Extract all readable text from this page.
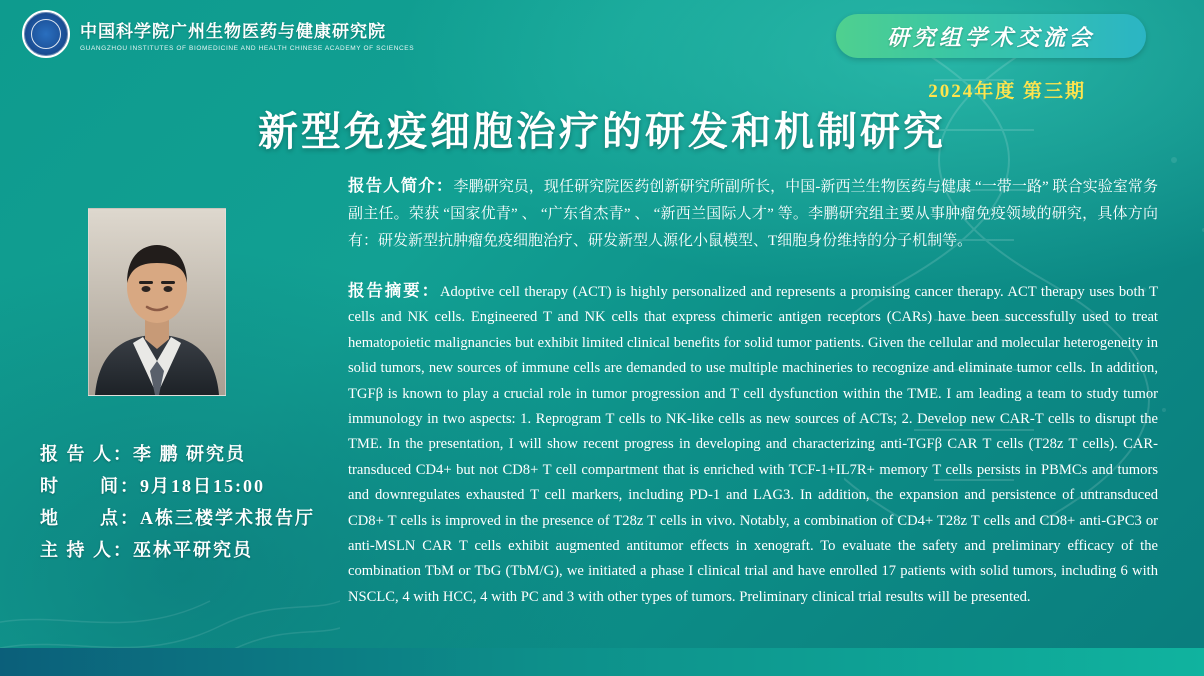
中国科学院广州生物医药与健康研究院
GUANGZHOU INSTITUTES OF BIOMEDICINE AND HEALTH CHINESE ACADEMY OF SCIENCES	研究组学术交流会
2024年度 第三期
新型免疫细胞治疗的研发和机制研究
报 告 人：李 鹏 研究员
时　　间：9月18日15:00
地　　点：A栋三楼学术报告厅
主 持 人：巫林平研究员
报告人简介：李鹏研究员，现任研究院医药创新研究所副所长，中国-新西兰生物医药与健康 “一带一路” 联合实验室常务副主任。荣获 “国家优青” 、 “广东省杰青” 、 “新西兰国际人才” 等。李鹏研究组主要从事肿瘤免疫领域的研究，具体方向有：研发新型抗肿瘤免疫细胞治疗、研发新型人源化小鼠模型、T细胞身份维持的分子机制等。
报告摘要：Adoptive cell therapy (ACT) is highly personalized and represents a promising cancer therapy. ACT therapy uses both T cells and NK cells. Engineered T and NK cells that express chimeric antigen receptors (CARs) have been successfully used to treat hematopoietic malignancies but exhibit limited clinical benefits for solid tumor patients. Given the cellular and molecular heterogeneity in solid tumors, new sources of immune cells are demanded to use multiple machineries to recognize and eliminate tumor cells. In addition, TGFβ is known to play a crucial role in tumor progression and T cell dysfunction within the TME. I am leading a team to study tumor immunology in two aspects: 1. Reprogram T cells to NK-like cells as new sources of ACTs; 2. Develop new CAR-T cells to disrupt the TME. In the presentation, I will show recent progress in developing and characterizing anti-TGFβ CAR T cells (T28z T cells). CAR-transduced CD4+ but not CD8+ T cell compartment that is enriched with TCF-1+IL7R+ memory T cells persists in PBMCs and tumors and downregulates exhausted T cell markers, including PD-1 and LAG3. In addition, the expansion and persistence of untransduced CD8+ T cells is improved in the presence of T28z T cells in vivo. Notably, a combination of CD4+ T28z T cells and CD8+ anti-GPC3 or anti-MSLN CAR T cells exhibit augmented antitumor effects in xenograft. To evaluate the safety and preliminary efficacy of the combination TbM or TbG (TbM/G), we initiated a phase I clinical trial and have enrolled 17 patients with solid tumors, including 6 with NSCLC, 4 with HCC, 4 with PC and 3 with other types of tumors. Preliminary clinical trial results will be presented.
